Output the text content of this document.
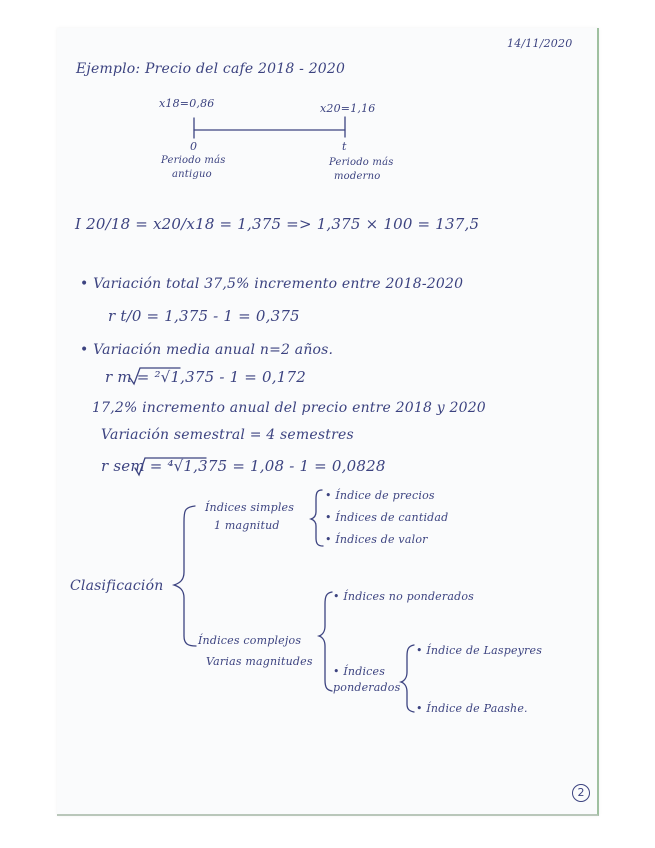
14/11/2020
Ejemplo: Precio del cafe 2018 - 2020
x18=0,86	x20=1,16
0	t
Periodo más
antiguo
Periodo más
moderno
I 20/18 = x20/x18 = 1,375 => 1,375 × 100 = 137,5
• Variación total 37,5% incremento entre 2018-2020
r t/0 = 1,375 - 1 = 0,375
• Variación media anual n=2 años.
r m = ²√1,375 - 1 = 0,172
17,2% incremento anual del precio entre 2018 y 2020
Variación semestral = 4 semestres
r sem = ⁴√1,375 = 1,08 - 1 = 0,0828
Clasificación
Índices simples
1 magnitud
• Índice de precios
• Índices de cantidad
• Índices de valor
Índices complejos
Varias magnitudes
• Índices no ponderados
• Índices
ponderados
• Índice de Laspeyres
• Índice de Paashe.
2
